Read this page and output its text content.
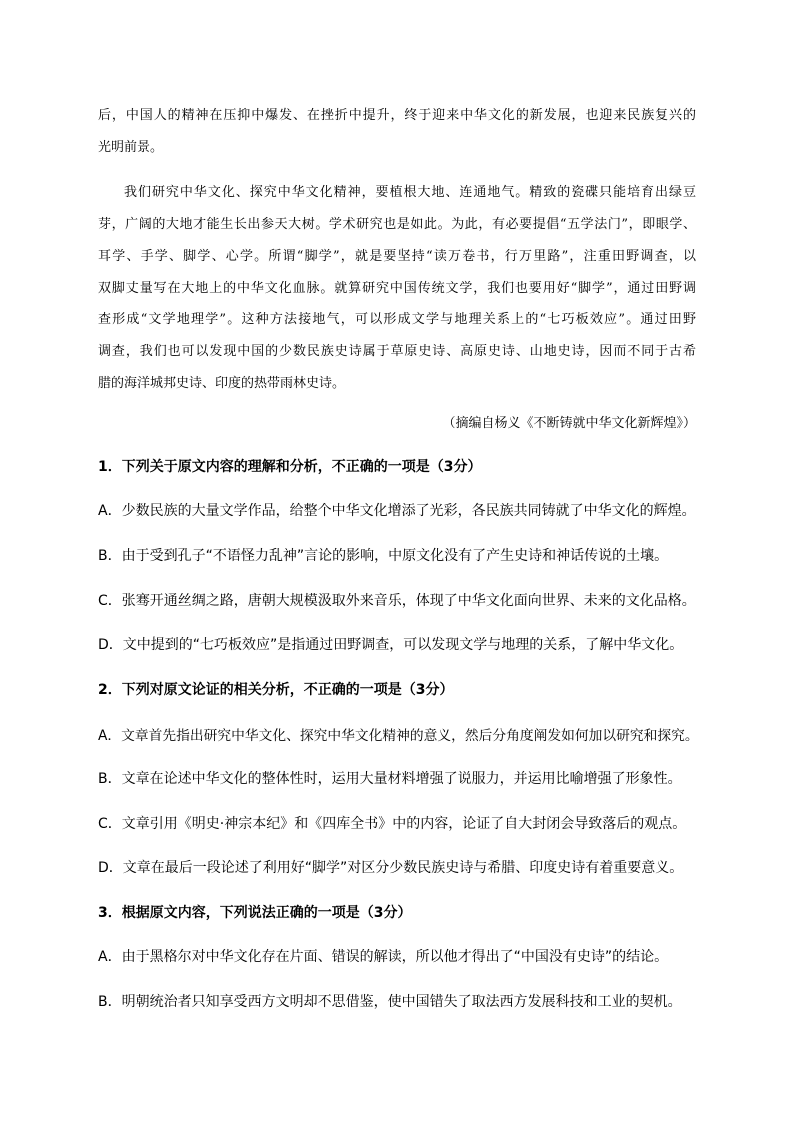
后，中国人的精神在压抑中爆发、在挫折中提升，终于迎来中华文化的新发展，也迎来民族复兴的
光明前景。
我们研究中华文化、探究中华文化精神，要植根大地、连通地气。精致的瓷碟只能培育出绿豆
芽，广阔的大地才能生长出参天大树。学术研究也是如此。为此，有必要提倡“五学法门”，即眼学、
耳学、手学、脚学、心学。所谓“脚学”，就是要坚持“读万卷书，行万里路”，注重田野调查，以
双脚丈量写在大地上的中华文化血脉。就算研究中国传统文学，我们也要用好“脚学”，通过田野调
查形成“文学地理学”。这种方法接地气，可以形成文学与地理关系上的“七巧板效应”。通过田野
调查，我们也可以发现中国的少数民族史诗属于草原史诗、高原史诗、山地史诗，因而不同于古希
腊的海洋城邦史诗、印度的热带雨林史诗。
（摘编自杨义《不断铸就中华文化新辉煌》）
1．下列关于原文内容的理解和分析，不正确的一项是（3分）
A．少数民族的大量文学作品，给整个中华文化增添了光彩，各民族共同铸就了中华文化的辉煌。
B．由于受到孔子“不语怪力乱神”言论的影响，中原文化没有了产生史诗和神话传说的土壤。
C．张骞开通丝绸之路，唐朝大规模汲取外来音乐，体现了中华文化面向世界、未来的文化品格。
D．文中提到的“七巧板效应”是指通过田野调查，可以发现文学与地理的关系，了解中华文化。
2．下列对原文论证的相关分析，不正确的一项是（3分）
A．文章首先指出研究中华文化、探究中华文化精神的意义，然后分角度阐发如何加以研究和探究。
B．文章在论述中华文化的整体性时，运用大量材料增强了说服力，并运用比喻增强了形象性。
C．文章引用《明史·神宗本纪》和《四库全书》中的内容，论证了自大封闭会导致落后的观点。
D．文章在最后一段论述了利用好“脚学”对区分少数民族史诗与希腊、印度史诗有着重要意义。
3．根据原文内容，下列说法正确的一项是（3分）
A．由于黑格尔对中华文化存在片面、错误的解读，所以他才得出了“中国没有史诗”的结论。
B．明朝统治者只知享受西方文明却不思借鉴，使中国错失了取法西方发展科技和工业的契机。
